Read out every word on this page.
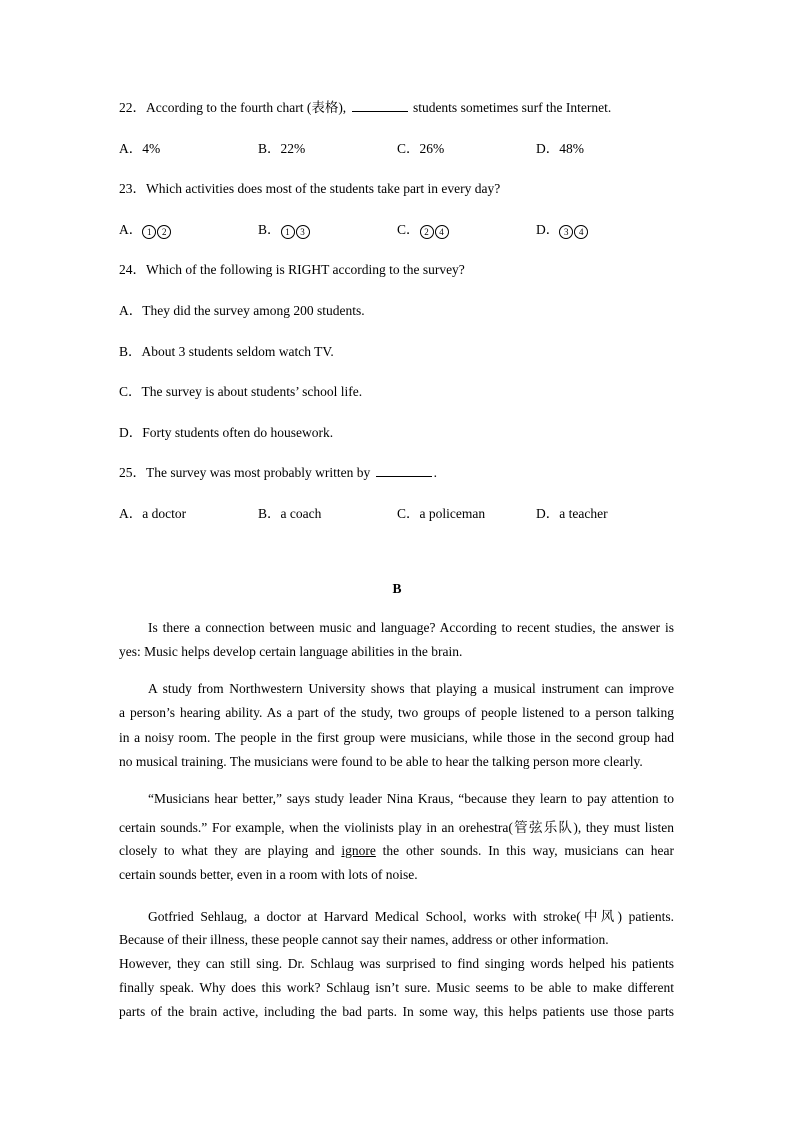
22．According to the fourth chart (表格),	students sometimes surf the Internet.
A．4%	B．22%	C．26%	D．48%
23．Which activities does most of the students take part in every day?
A． 1 2	B． 1 3	C． 2 4	D． 3 4
24．Which of the following is RIGHT according to the survey?
A．They did the survey among 200 students.
B．About 3 students seldom watch TV.
C．The survey is about students’ school life.
D．Forty students often do housework.
25．The survey was most probably written by	.
A．a doctor	B．a coach	C．a policeman	D．a teacher
B
Is there a connection between music and language? According to recent studies, the answer is
yes: Music helps develop certain language abilities in the brain.
A study from Northwestern University shows that playing a musical instrument can improve
a person’s hearing ability. As a part of the study, two groups of people listened to a person talking
in a noisy room. The people in the first group were musicians, while those in the second group had
no musical training. The musicians were found to be able to hear the talking person more clearly.
“Musicians hear better,” says study leader Nina Kraus, “because they learn to pay attention to
certain sounds.” For example, when the violinists play in an orehestra(管弦乐队), they must listen
closely to what they are playing and ignore the other sounds. In this way, musicians can hear
certain sounds better, even in a room with lots of noise.
Gotfried Sehlaug, a doctor at Harvard Medical School, works with stroke(中风) patients.
Because of their illness, these people cannot say their names, address or other information.
However, they can still sing. Dr. Schlaug was surprised to find singing words helped his patients
finally speak. Why does this work? Schlaug isn’t sure. Music seems to be able to make different
parts of the brain active, including the bad parts. In some way, this helps patients use those parts
